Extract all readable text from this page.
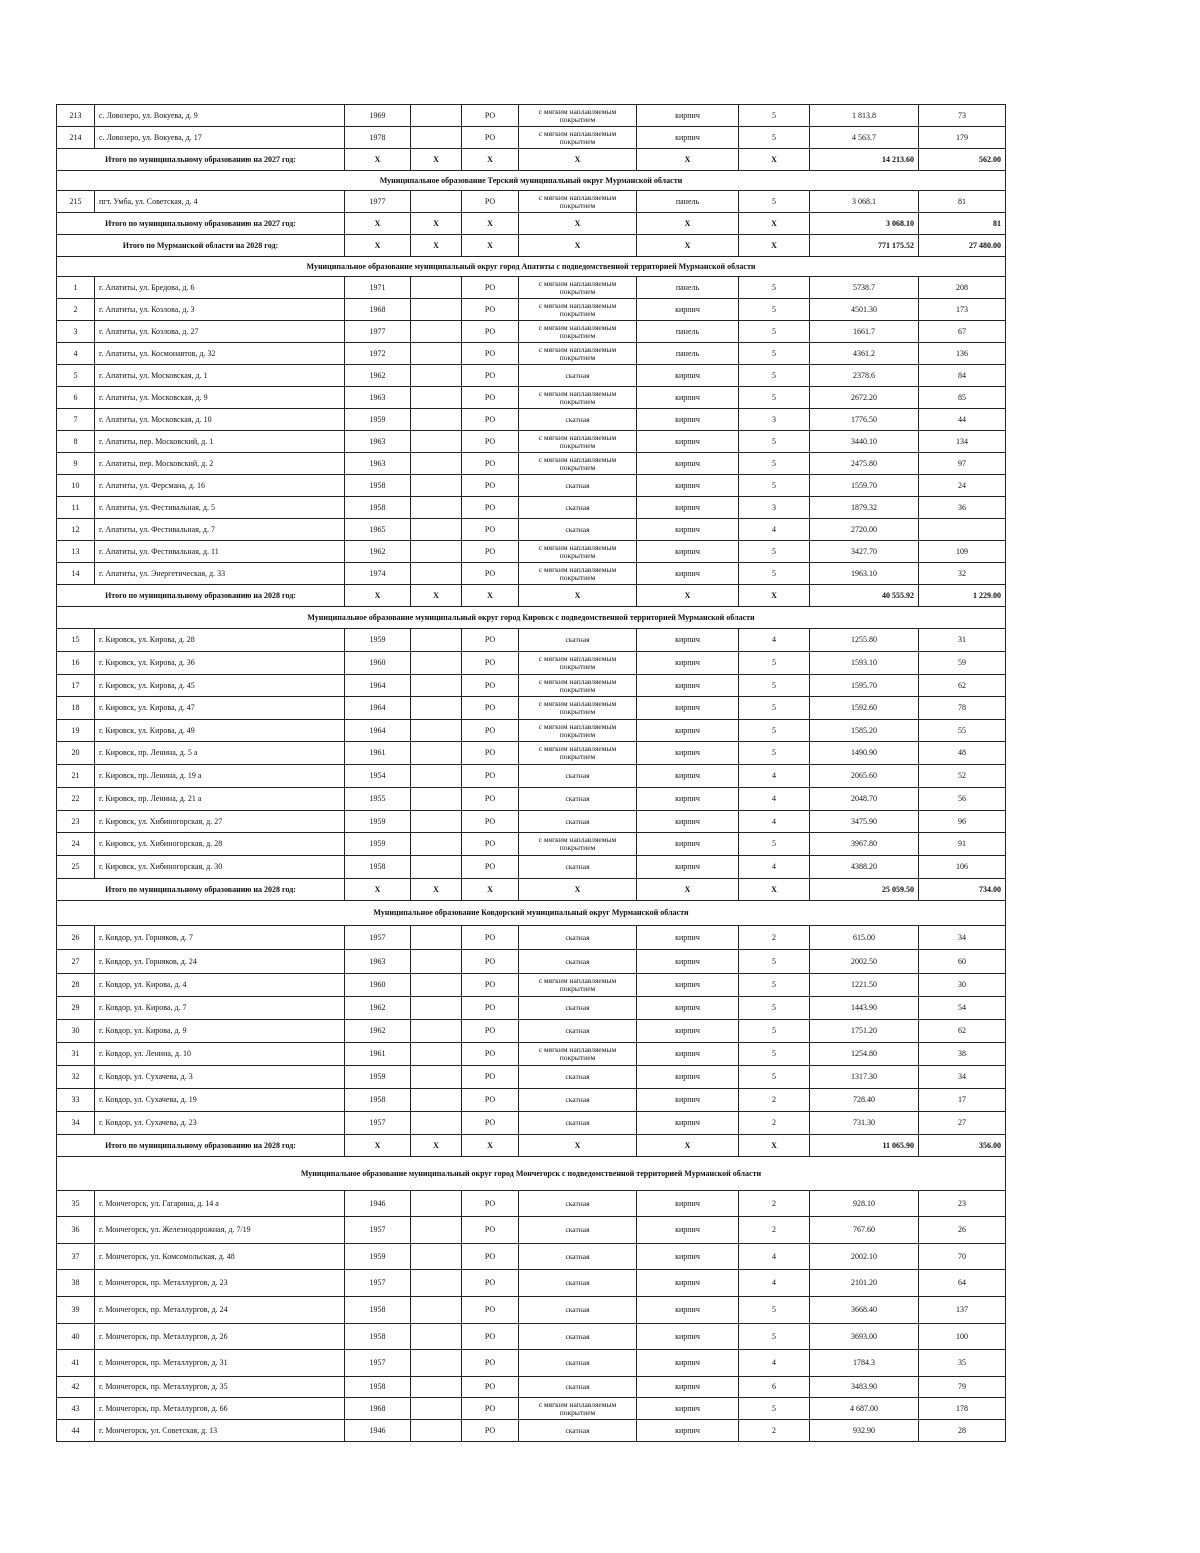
213	с. Ловозеро, ул. Вокуева, д. 9	1969		РО	с мягким наплавляемым покрытием	кирпич	5	1 813.8	73
214	с. Ловозеро, ул. Вокуева, д. 17	1978		РО	с мягким наплавляемым покрытием	кирпич	5	4 563.7	179
Итого по муниципальному образованию на 2027 год:		Х	Х	Х	Х	Х	Х	14 213.60	562.00
Муниципальное образование Терский муниципальный округ Мурманской области									
215	пгт. Умба, ул. Советская, д. 4	1977		РО	с мягким наплавляемым покрытием	панель	5	3 068.1	81
Итого по муниципальному образованию на 2027 год:		Х	Х	Х	Х	Х	Х	3 068.10	81
Итого по Мурманской области на 2028 год:		Х	Х	Х	Х	Х	Х	771 175.52	27 480.00
Муниципальное образование муниципальный округ город Апатиты с подведомственной территорией Мурманской области									
1	г. Апатиты, ул. Бредова, д. 6	1971		РО	с мягким наплавляемым покрытием	панель	5	5738.7	208
2	г. Апатиты, ул. Козлова, д. 3	1968		РО	с мягким наплавляемым покрытием	кирпич	5	4501.30	173
3	г. Апатиты, ул. Козлова, д. 27	1977		РО	с мягким наплавляемым покрытием	панель	5	1661.7	67
4	г. Апатиты, ул. Космонавтов, д. 32	1972		РО	с мягким наплавляемым покрытием	панель	5	4361.2	136
5	г. Апатиты, ул. Московская, д. 1	1962		РО	скатная	кирпич	5	2378.6	84
6	г. Апатиты, ул. Московская, д. 9	1963		РО	с мягким наплавляемым покрытием	кирпич	5	2672.20	85
7	г. Апатиты, ул. Московская, д. 10	1959		РО	скатная	кирпич	3	1776.50	44
8	г. Апатиты, пер. Московский, д. 1	1963		РО	с мягким наплавляемым покрытием	кирпич	5	3440.10	134
9	г. Апатиты, пер. Московский, д. 2	1963		РО	с мягким наплавляемым покрытием	кирпич	5	2475.80	97
10	г. Апатиты, ул. Ферсмана, д. 16	1958		РО	скатная	кирпич	5	1559.70	24
11	г. Апатиты, ул. Фестивальная, д. 5	1958		РО	скатная	кирпич	3	1879.32	36
12	г. Апатиты, ул. Фестивальная, д. 7	1965		РО	скатная	кирпич	4	2720.00	
13	г. Апатиты, ул. Фестивальная, д. 11	1962		РО	с мягким наплавляемым покрытием	кирпич	5	3427.70	109
14	г. Апатиты, ул. Энергетическая, д. 33	1974		РО	с мягким наплавляемым покрытием	кирпич	5	1963.10	32
Итого по муниципальному образованию на 2028 год:		Х	Х	Х	Х	Х	Х	40 555.92	1 229.00
Муниципальное образование муниципальный округ город Кировск с подведомственной территорией Мурманской области									
15	г. Кировск, ул. Кирова, д. 28	1959		РО	скатная	кирпич	4	1255.80	31
16	г. Кировск, ул. Кирова, д. 36	1960		РО	с мягким наплавляемым покрытием	кирпич	5	1593.10	59
17	г. Кировск, ул. Кирова, д. 45	1964		РО	с мягким наплавляемым покрытием	кирпич	5	1595.70	62
18	г. Кировск, ул. Кирова, д. 47	1964		РО	с мягким наплавляемым покрытием	кирпич	5	1592.60	78
19	г. Кировск, ул. Кирова, д. 49	1964		РО	с мягким наплавляемым покрытием	кирпич	5	1585.20	55
20	г. Кировск, пр. Ленина, д. 5 а	1961		РО	с мягким наплавляемым покрытием	кирпич	5	1490.90	48
21	г. Кировск, пр. Ленина, д. 19 а	1954		РО	скатная	кирпич	4	2065.60	52
22	г. Кировск, пр. Ленина, д. 21 а	1955		РО	скатная	кирпич	4	2048.70	56
23	г. Кировск, ул. Хибиногорская, д. 27	1959		РО	скатная	кирпич	4	3475.90	96
24	г. Кировск, ул. Хибиногорская, д. 28	1959		РО	с мягким наплавляемым покрытием	кирпич	5	3967.80	91
25	г. Кировск, ул. Хибиногорская, д. 30	1958		РО	скатная	кирпич	4	4388.20	106
Итого по муниципальному образованию на 2028 год:		Х	Х	Х	Х	Х	Х	25 059.50	734.00
Муниципальное образование Ковдорский муниципальный округ Мурманской области									
26	г. Ковдор, ул. Горняков, д. 7	1957		РО	скатная	кирпич	2	615.00	34
27	г. Ковдор, ул. Горняков, д. 24	1963		РО	скатная	кирпич	5	2002.50	60
28	г. Ковдор, ул. Кирова, д. 4	1960		РО	с мягким наплавляемым покрытием	кирпич	5	1221.50	30
29	г. Ковдор, ул. Кирова, д. 7	1962		РО	скатная	кирпич	5	1443.90	54
30	г. Ковдор, ул. Кирова, д. 9	1962		РО	скатная	кирпич	5	1751.20	62
31	г. Ковдор, ул. Ленина, д. 10	1961		РО	с мягким наплавляемым покрытием	кирпич	5	1254.80	38
32	г. Ковдор, ул. Сухачева, д. 3	1959		РО	скатная	кирпич	5	1317.30	34
33	г. Ковдор, ул. Сухачева, д. 19	1958		РО	скатная	кирпич	2	728.40	17
34	г. Ковдор, ул. Сухачева, д. 23	1957		РО	скатная	кирпич	2	731.30	27
Итого по муниципальному образованию на 2028 год:		Х	Х	Х	Х	Х	Х	11 065.90	356.00
Муниципальное образование муниципальный округ город Мончегорск с подведомственной территорией Мурманской области									
35	г. Мончегорск, ул. Гагарина, д. 14 а	1946		РО	скатная	кирпич	2	928.10	23
36	г. Мончегорск, ул. Железнодорожная, д. 7/19	1957		РО	скатная	кирпич	2	767.60	26
37	г. Мончегорск, ул. Комсомольская, д. 48	1959		РО	скатная	кирпич	4	2002.10	70
38	г. Мончегорск, пр. Металлургов, д. 23	1957		РО	скатная	кирпич	4	2101.20	64
39	г. Мончегорск, пр. Металлургов, д. 24	1958		РО	скатная	кирпич	5	3668.40	137
40	г. Мончегорск, пр. Металлургов, д. 26	1958		РО	скатная	кирпич	5	3693.00	100
41	г. Мончегорск, пр. Металлургов, д. 31	1957		РО	скатная	кирпич	4	1784.3	35
42	г. Мончегорск, пр. Металлургов, д. 35	1958		РО	скатная	кирпич	6	3483.90	79
43	г. Мончегорск, пр. Металлургов, д. 66	1968		РО	с мягким наплавляемым покрытием	кирпич	5	4 687.00	178
44	г. Мончегорск, ул. Советская, д. 13	1946		РО	скатная	кирпич	2	932.90	28
